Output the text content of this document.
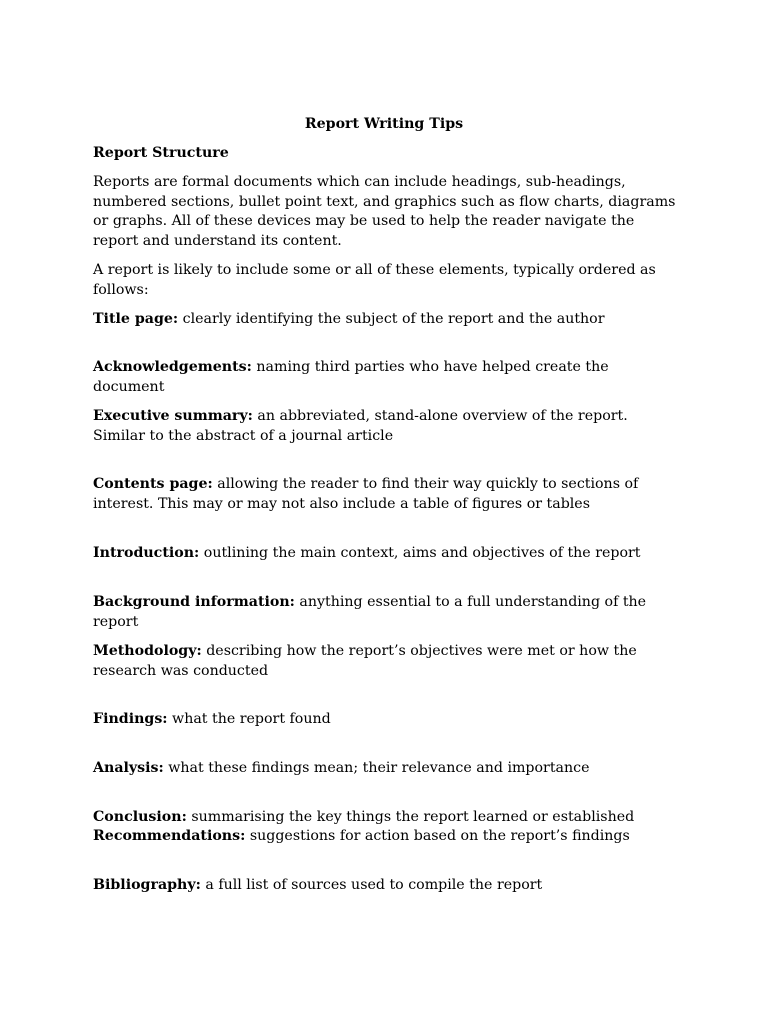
Report Writing Tips

Report Structure

Reports are formal documents which can include headings, sub-headings, numbered sections, bullet point text, and graphics such as flow charts, diagrams or graphs. All of these devices may be used to help the reader navigate the report and understand its content.

A report is likely to include some or all of these elements, typically ordered as follows:

Title page: clearly identifying the subject of the report and the author

Acknowledgements: naming third parties who have helped create the document

Executive summary: an abbreviated, stand-alone overview of the report. Similar to the abstract of a journal article

Contents page: allowing the reader to find their way quickly to sections of interest. This may or may not also include a table of figures or tables

Introduction: outlining the main context, aims and objectives of the report

Background information: anything essential to a full understanding of the report

Methodology: describing how the report’s objectives were met or how the research was conducted

Findings: what the report found

Analysis: what these findings mean; their relevance and importance

Conclusion: summarising the key things the report learned or established

Recommendations: suggestions for action based on the report’s findings

Bibliography: a full list of sources used to compile the report
